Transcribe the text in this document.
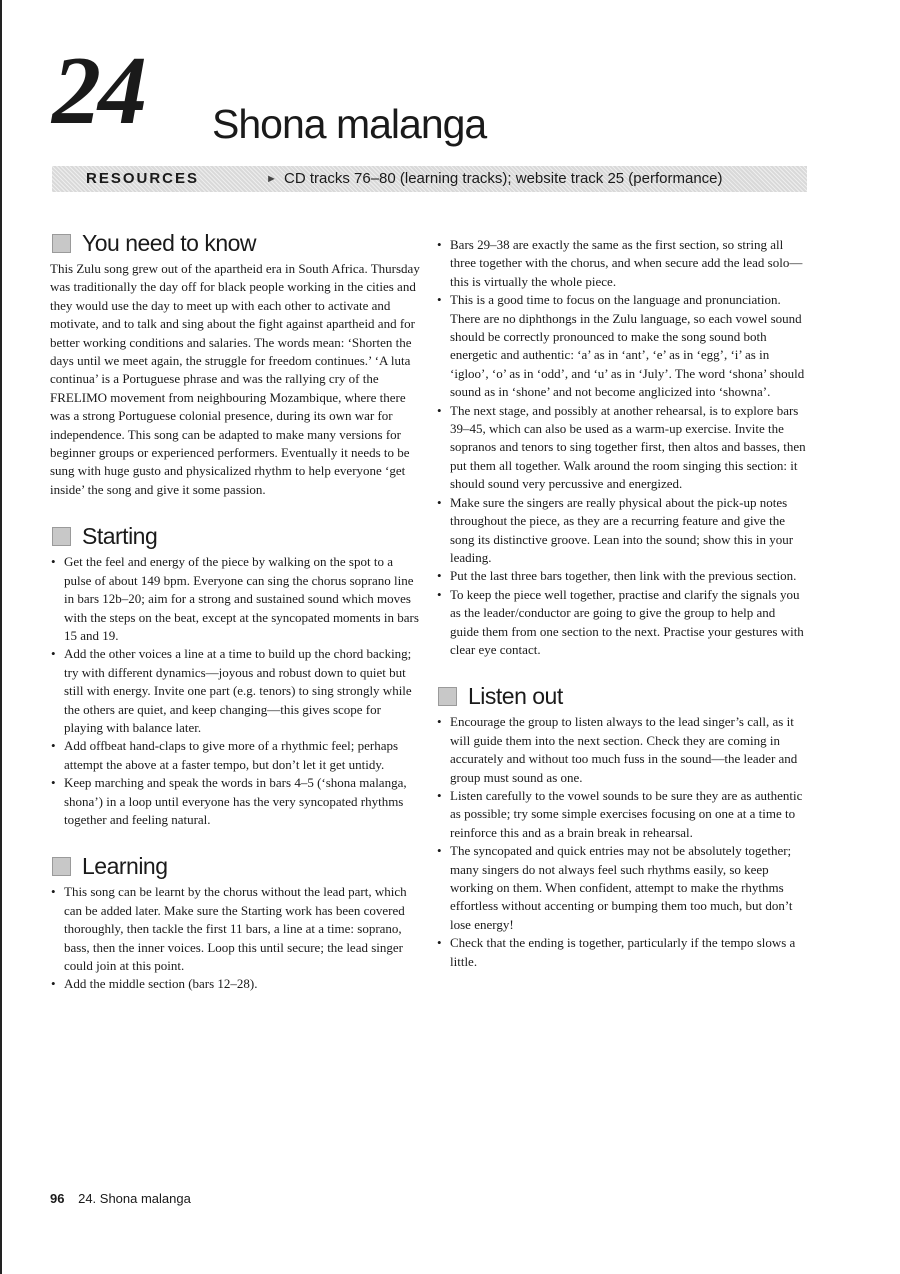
24 Shona malanga
RESOURCES	► CD tracks 76–80 (learning tracks); website track 25 (performance)
You need to know

This Zulu song grew out of the apartheid era in South Africa. Thursday was traditionally the day off for black people working in the cities and they would use the day to meet up with each other to activate and motivate, and to talk and sing about the fight against apartheid and for better working conditions and salaries. The words mean: ‘Shorten the days until we meet again, the struggle for freedom continues.’ ‘A luta continua’ is a Portuguese phrase and was the rallying cry of the FRELIMO movement from neighbouring Mozambique, where there was a strong Portuguese colonial presence, during its own war for independence. This song can be adapted to make many versions for beginner groups or experienced performers. Eventually it needs to be sung with huge gusto and physicalized rhythm to help everyone ‘get inside’ the song and give it some passion.

Starting
• Get the feel and energy of the piece by walking on the spot to a pulse of about 149 bpm. Everyone can sing the chorus soprano line in bars 12b–20; aim for a strong and sustained sound which moves with the steps on the beat, except at the syncopated moments in bars 15 and 19.
• Add the other voices a line at a time to build up the chord backing; try with different dynamics—joyous and robust down to quiet but still with energy. Invite one part (e.g. tenors) to sing strongly while the others are quiet, and keep changing—this gives scope for playing with balance later.
• Add offbeat hand-claps to give more of a rhythmic feel; perhaps attempt the above at a faster tempo, but don’t let it get untidy.
• Keep marching and speak the words in bars 4–5 (‘shona malanga, shona’) in a loop until everyone has the very syncopated rhythms together and feeling natural.
Learning
• This song can be learnt by the chorus without the lead part, which can be added later. Make sure the Starting work has been covered thoroughly, then tackle the first 11 bars, a line at a time: soprano, bass, then the inner voices. Loop this until secure; the lead singer could join at this point.
• Add the middle section (bars 12–28).
• Bars 29–38 are exactly the same as the first section, so string all three together with the chorus, and when secure add the lead solo—this is virtually the whole piece.
• This is a good time to focus on the language and pronunciation. There are no diphthongs in the Zulu language, so each vowel sound should be correctly pronounced to make the song sound both energetic and authentic: ‘a’ as in ‘ant’, ‘e’ as in ‘egg’, ‘i’ as in ‘igloo’, ‘o’ as in ‘odd’, and ‘u’ as in ‘July’. The word ‘shona’ should sound as in ‘shone’ and not become anglicized into ‘showna’.
• The next stage, and possibly at another rehearsal, is to explore bars 39–45, which can also be used as a warm-up exercise. Invite the sopranos and tenors to sing together first, then altos and basses, then put them all together. Walk around the room singing this section: it should sound very percussive and energized.
• Make sure the singers are really physical about the pick-up notes throughout the piece, as they are a recurring feature and give the song its distinctive groove. Lean into the sound; show this in your leading.
• Put the last three bars together, then link with the previous section.
• To keep the piece well together, practise and clarify the signals you as the leader/conductor are going to give the group to help and guide them from one section to the next. Practise your gestures with clear eye contact.
Listen out
• Encourage the group to listen always to the lead singer’s call, as it will guide them into the next section. Check they are coming in accurately and without too much fuss in the sound—the leader and group must sound as one.
• Listen carefully to the vowel sounds to be sure they are as authentic as possible; try some simple exercises focusing on one at a time to reinforce this and as a brain break in rehearsal.
• The syncopated and quick entries may not be absolutely together; many singers do not always feel such rhythms easily, so keep working on them. When confident, attempt to make the rhythms effortless without accenting or bumping them too much, but don’t lose energy!
• Check that the ending is together, particularly if the tempo slows a little.
96 24. Shona malanga
